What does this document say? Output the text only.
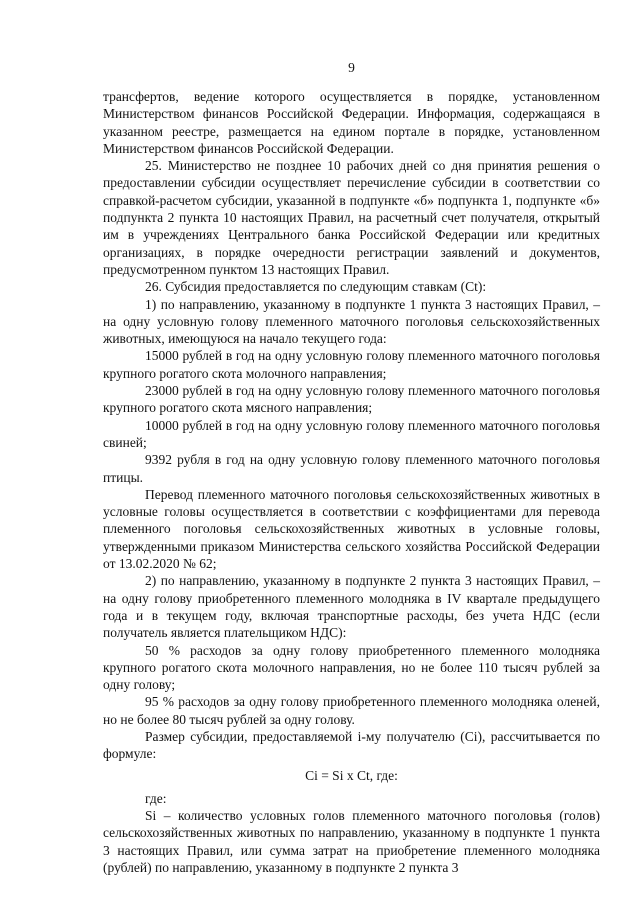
9

трансфертов, ведение которого осуществляется в порядке, установленном Министерством финансов Российской Федерации. Информация, содержащаяся в указанном реестре, размещается на едином портале в порядке, установленном Министерством финансов Российской Федерации.

25. Министерство не позднее 10 рабочих дней со дня принятия решения о предоставлении субсидии осуществляет перечисление субсидии в соответствии со справкой-расчетом субсидии, указанной в подпункте «б» подпункта 1, подпункте «б» подпункта 2 пункта 10 настоящих Правил, на расчетный счет получателя, открытый им в учреждениях Центрального банка Российской Федерации или кредитных организациях, в порядке очередности регистрации заявлений и документов, предусмотренном пунктом 13 настоящих Правил.

26. Субсидия предоставляется по следующим ставкам (Сt):

1) по направлению, указанному в подпункте 1 пункта 3 настоящих Правил, – на одну условную голову племенного маточного поголовья сельскохозяйственных животных, имеющуюся на начало текущего года:

15000 рублей в год на одну условную голову племенного маточного поголовья крупного рогатого скота молочного направления;

23000 рублей в год на одну условную голову племенного маточного поголовья крупного рогатого скота мясного направления;

10000 рублей в год на одну условную голову племенного маточного поголовья свиней;

9392 рубля в год на одну условную голову племенного маточного поголовья птицы.

Перевод племенного маточного поголовья сельскохозяйственных животных в условные головы осуществляется в соответствии с коэффициентами для перевода племенного поголовья сельскохозяйственных животных в условные головы, утвержденными приказом Министерства сельского хозяйства Российской Федерации от 13.02.2020 № 62;

2) по направлению, указанному в подпункте 2 пункта 3 настоящих Правил, – на одну голову приобретенного племенного молодняка в IV квартале предыдущего года и в текущем году, включая транспортные расходы, без учета НДС (если получатель является плательщиком НДС):

50 % расходов за одну голову приобретенного племенного молодняка крупного рогатого скота молочного направления, но не более 110 тысяч рублей за одну голову;

95 % расходов за одну голову приобретенного племенного молодняка оленей, но не более 80 тысяч рублей за одну голову.

Размер субсидии, предоставляемой i-му получателю (Сi), рассчитывается по формуле:

Сi = Si х Сt, где:

где:

Si – количество условных голов племенного маточного поголовья (голов) сельскохозяйственных животных по направлению, указанному в подпункте 1 пункта 3 настоящих Правил, или сумма затрат на приобретение племенного молодняка (рублей) по направлению, указанному в подпункте 2 пункта 3
